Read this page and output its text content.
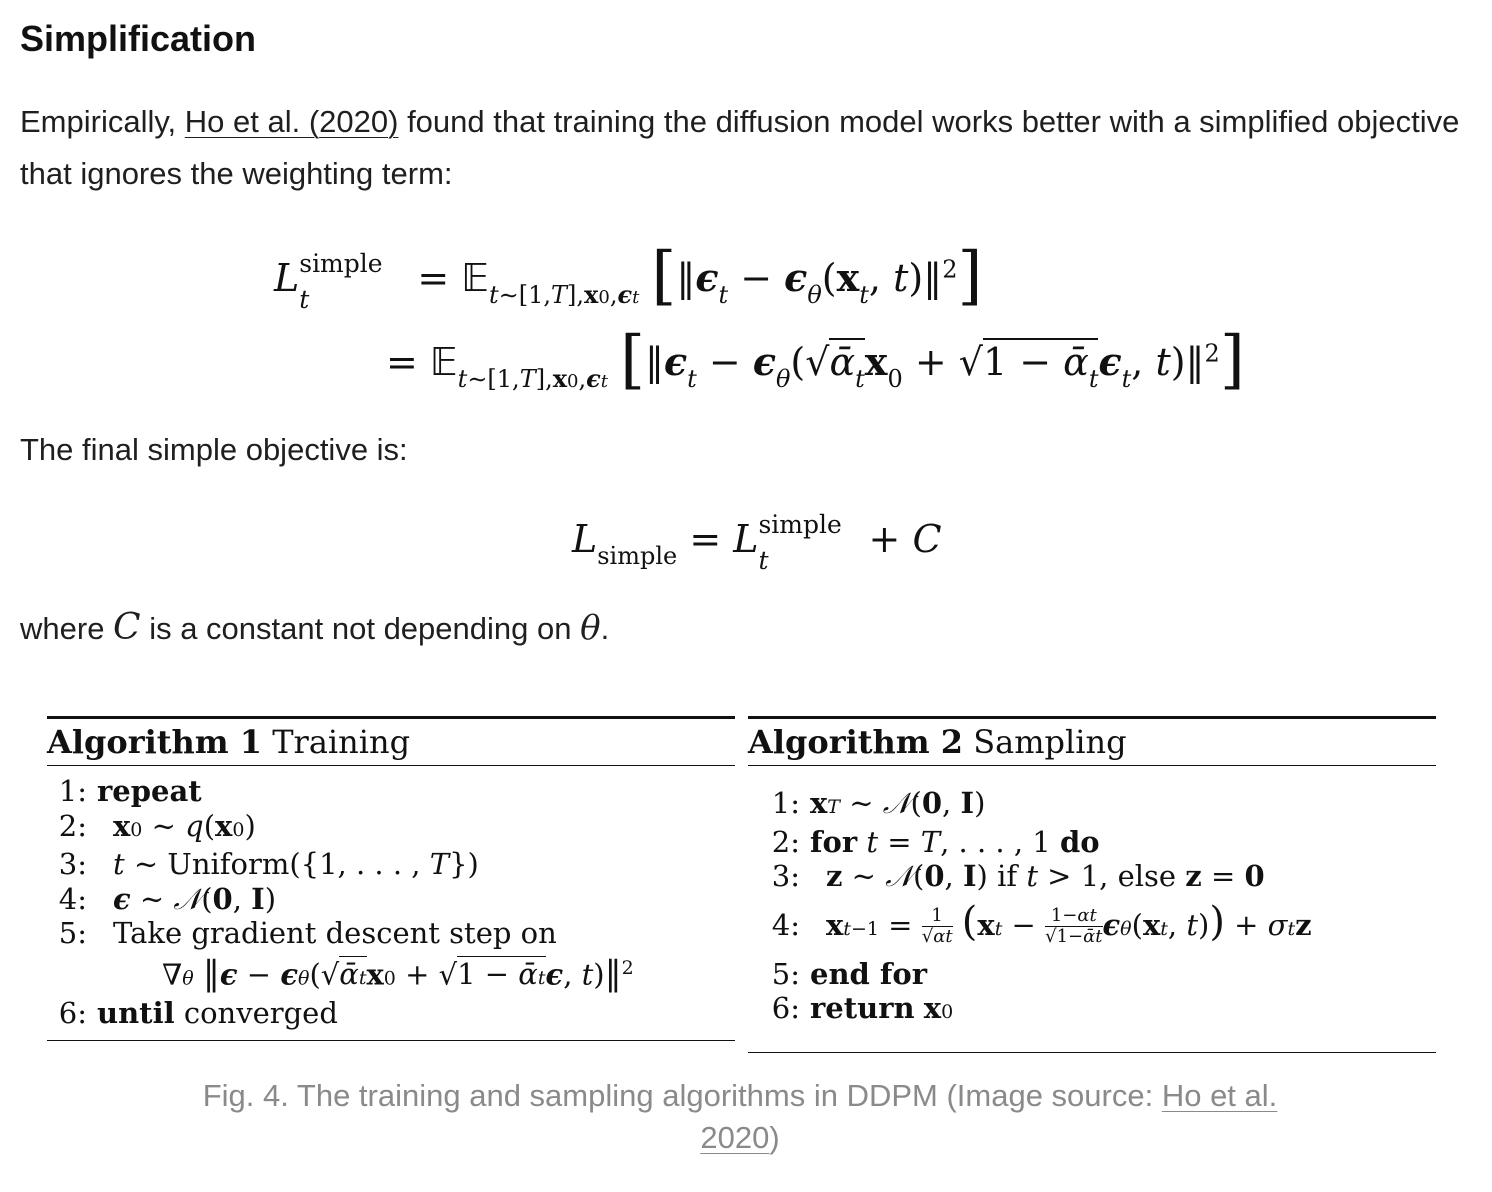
Simplification

Empirically, Ho et al. (2020) found that training the diffusion model works better with a simplified objective that ignores the weighting term:

L simple
t	= 𝔼$_{t\sim[1,T],x0,\epsilon t}$ [$‖\epsilon_t - \epsilon_\theta(x_t$, t)‖$^2$]
= 𝔼$_{t\sim[1,T],x0,\epsilon t}$ [$‖\epsilon_t$ − $\epsilon_\theta(√ᾱ_tx_0 + √1$ − $ᾱ_t\epsilon_t$, t)‖$^2$]

The final simple objective is:

$L_{simple} = L$ simple
t + C

where C is a constant not depending on θ.

Algorithm 1 Training
1: repeat
2: x0 ∼ q(x0)
3: t ∼ Uniform({1, . . . , T})
4: ϵ ∼ 𝒩(0, I)
5: Take gradient descent step on
∇θ ‖ϵ − ϵθ(√ᾱtx0 + √1 − ᾱtϵ, t)‖$^2$
6: until converged
Algorithm 2 Sampling
1: xT ∼ 𝒩(0, I)
2: for t = T, . . . , 1 do
3: z ∼ 𝒩(0, I) if t > 1, else z = 0
4: $xt-1 = \frac{1}{√\alpha t} (xt - \frac{1-\alpha t}{\text{√1−ᾱt}} \epsilon\theta(xt$, t)) + σtz
5: end for
6: return x0
Fig. 4. The training and sampling algorithms in DDPM (Image source: Ho et al. 2020)
